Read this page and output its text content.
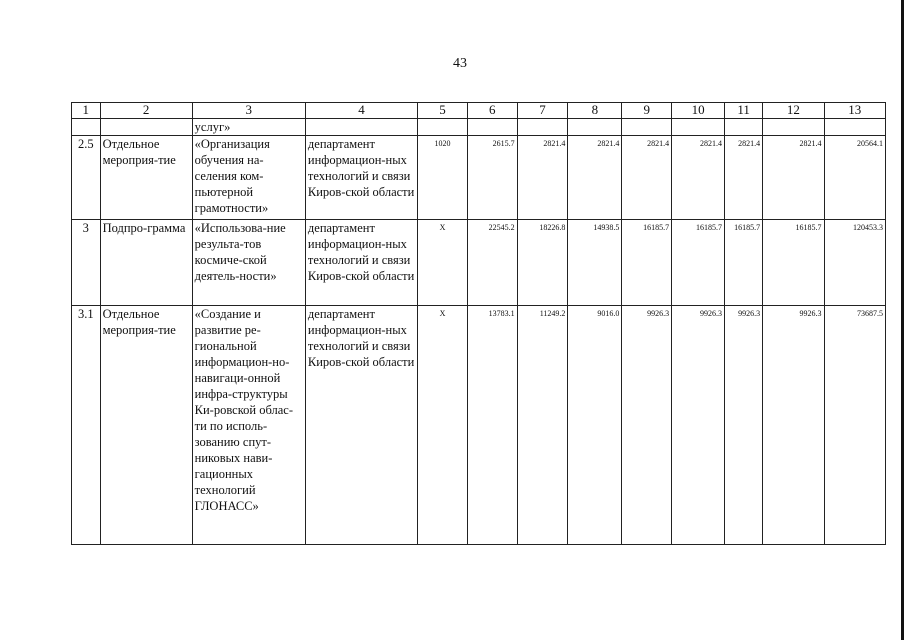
43
1	2	3	4	5	6	7	8	9	10	11	12	13
		услуг»										
2.5	Отдельное мероприя-тие	«Организация обучения на-селения ком-пьютерной грамотности»	департамент информацион-ных технологий и связи Киров-ской области	1020	2615.7	2821.4	2821.4	2821.4	2821.4	2821.4	2821.4	20564.1
3	Подпро-грамма	«Использова-ние результа-тов космиче-ской деятель-ности»	департамент информацион-ных технологий и связи Киров-ской области	X	22545.2	18226.8	14938.5	16185.7	16185.7	16185.7	16185.7	120453.3
3.1	Отдельное мероприя-тие	«Создание и развитие ре-гиональной информацион-но-навигаци-онной инфра-структуры Ки-ровской облас-ти по исполь-зованию спут-никовых нави-гационных технологий ГЛОНАСС»	департамент информацион-ных технологий и связи Киров-ской области	X	13783.1	11249.2	9016.0	9926.3	9926.3	9926.3	9926.3	73687.5
